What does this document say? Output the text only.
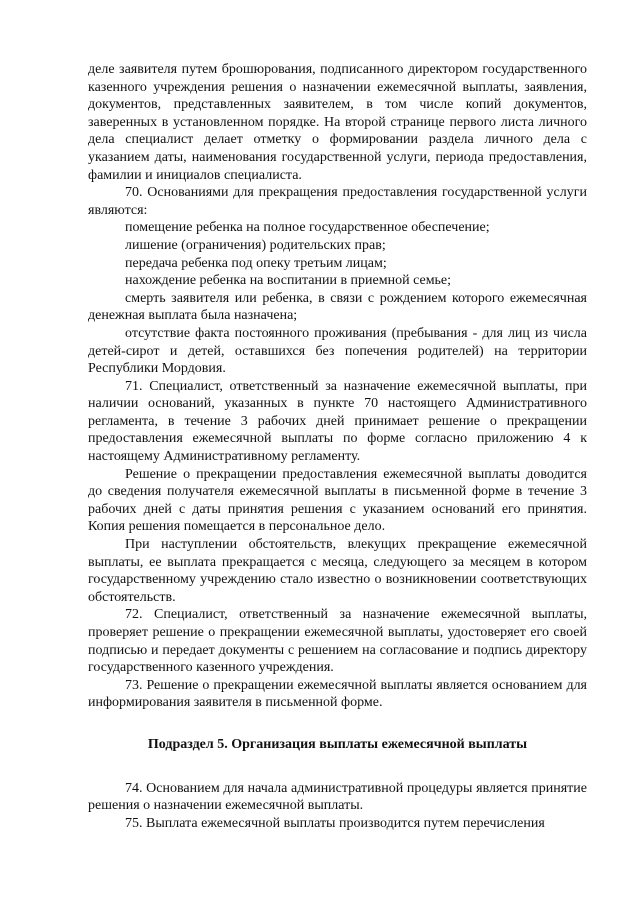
деле заявителя путем брошюрования, подписанного директором государственного казенного учреждения решения о назначении ежемесячной выплаты, заявления, документов, представленных заявителем, в том числе копий документов, заверенных в установленном порядке. На второй странице первого листа личного дела специалист делает отметку о формировании раздела личного дела с указанием даты, наименования государственной услуги, периода предоставления, фамилии и инициалов специалиста.

70. Основаниями для прекращения предоставления государственной услуги являются:

помещение ребенка на полное государственное обеспечение;

лишение (ограничения) родительских прав;

передача ребенка под опеку третьим лицам;

нахождение ребенка на воспитании в приемной семье;

смерть заявителя или ребенка, в связи с рождением которого ежемесячная денежная выплата была назначена;

отсутствие факта постоянного проживания (пребывания - для лиц из числа детей-сирот и детей, оставшихся без попечения родителей) на территории Республики Мордовия.

71. Специалист, ответственный за назначение ежемесячной выплаты, при наличии оснований, указанных в пункте 70 настоящего Административного регламента, в течение 3 рабочих дней принимает решение о прекращении предоставления ежемесячной выплаты по форме согласно приложению 4 к настоящему Административному регламенту.

Решение о прекращении предоставления ежемесячной выплаты доводится до сведения получателя ежемесячной выплаты в письменной форме в течение 3 рабочих дней с даты принятия решения с указанием оснований его принятия. Копия решения помещается в персональное дело.

При наступлении обстоятельств, влекущих прекращение ежемесячной выплаты, ее выплата прекращается с месяца, следующего за месяцем в котором государственному учреждению стало известно о возникновении соответствующих обстоятельств.

72. Специалист, ответственный за назначение ежемесячной выплаты, проверяет решение о прекращении ежемесячной выплаты, удостоверяет его своей подписью и передает документы с решением на согласование и подпись директору государственного казенного учреждения.

73. Решение о прекращении ежемесячной выплаты является основанием для информирования заявителя в письменной форме.

Подраздел 5. Организация выплаты ежемесячной выплаты

74. Основанием для начала административной процедуры является принятие решения о назначении ежемесячной выплаты.

75. Выплата ежемесячной выплаты производится путем перечисления
